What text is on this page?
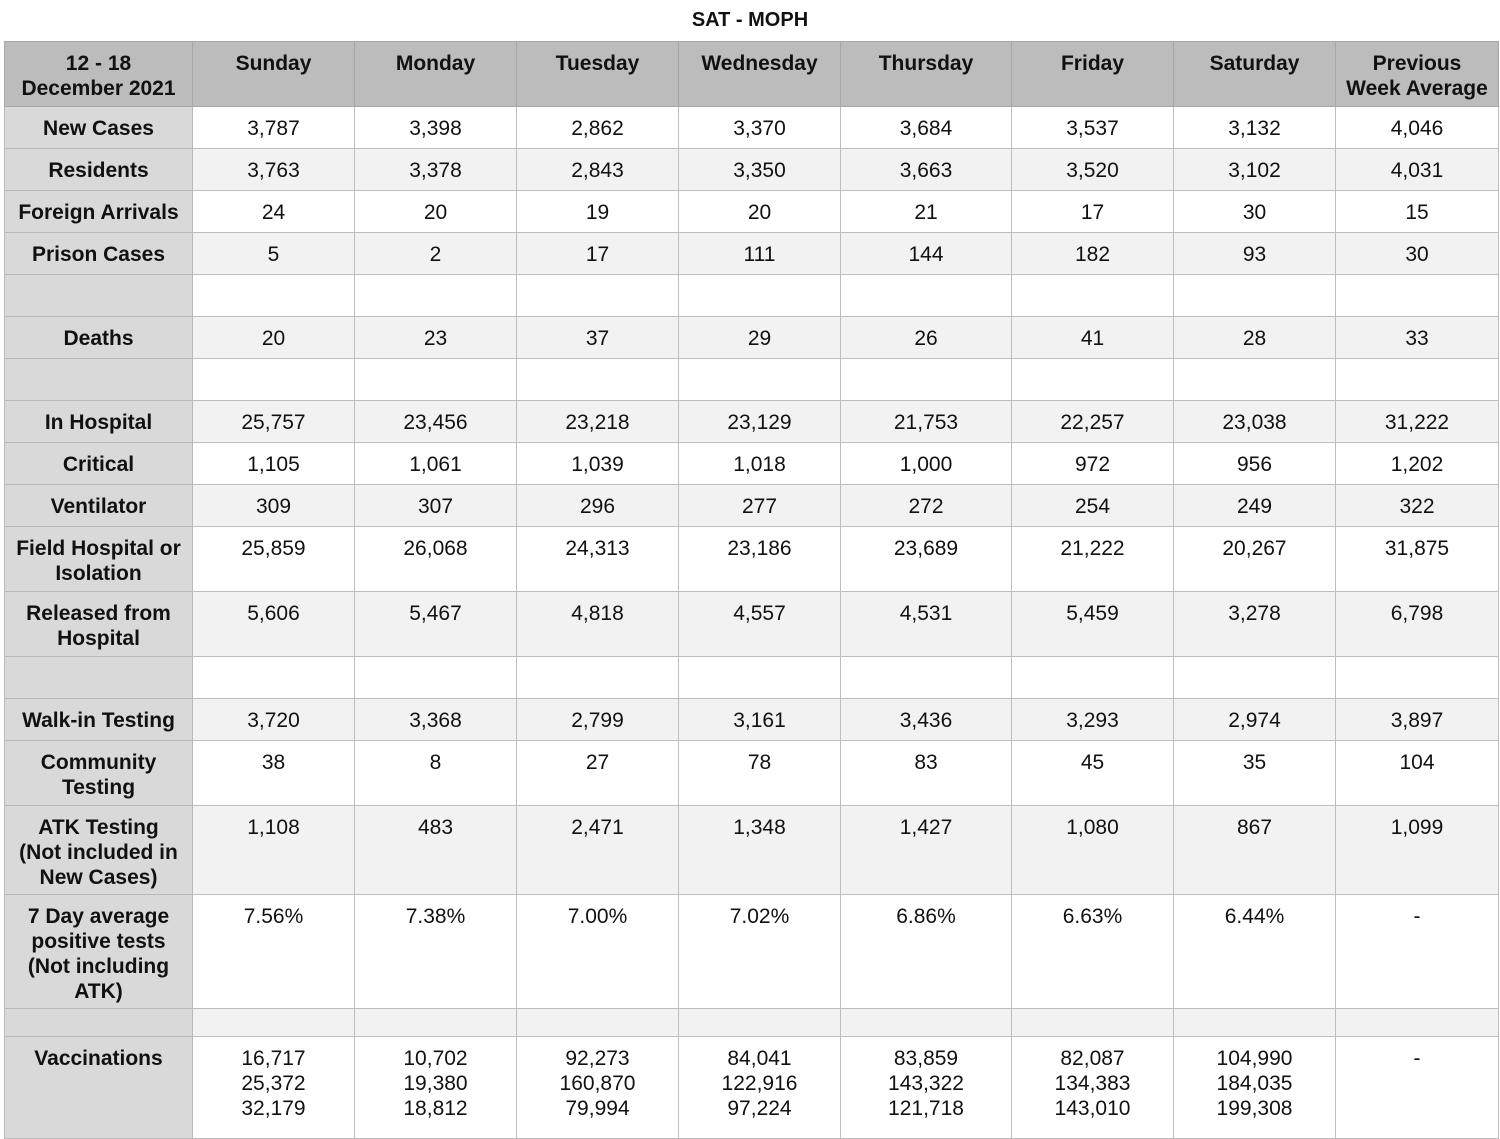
SAT - MOPH
12 - 18
December 2021	Sunday	Monday	Tuesday	Wednesday	Thursday	Friday	Saturday	Previous
Week Average

New Cases	3,787	3,398	2,862	3,370	3,684	3,537	3,132	4,046

Residents	3,763	3,378	2,843	3,350	3,663	3,520	3,102	4,031

Foreign Arrivals	24	20	19	20	21	17	30	15

Prison Cases	5	2	17	111	144	182	93	30

Deaths	20	23	37	29	26	41	28	33

In Hospital	25,757	23,456	23,218	23,129	21,753	22,257	23,038	31,222

Critical	1,105	1,061	1,039	1,018	1,000	972	956	1,202

Ventilator	309	307	296	277	272	254	249	322

Field Hospital or
Isolation	25,859	26,068	24,313	23,186	23,689	21,222	20,267	31,875

Released from
Hospital	5,606	5,467	4,818	4,557	4,531	5,459	3,278	6,798

Walk-in Testing	3,720	3,368	2,799	3,161	3,436	3,293	2,974	3,897

Community
Testing	38	8	27	78	83	45	35	104

ATK Testing
(Not included in
New Cases)	1,108	483	2,471	1,348	1,427	1,080	867	1,099

7 Day average
positive tests
(Not including
ATK)	7.56%	7.38%	7.00%	7.02%	6.86%	6.63%	6.44%	-

Vaccinations	16,717
25,372
32,179	10,702
19,380
18,812	92,273
160,870
79,994	84,041
122,916
97,224	83,859
143,322
121,718	82,087
134,383
143,010	104,990
184,035
199,308	-
